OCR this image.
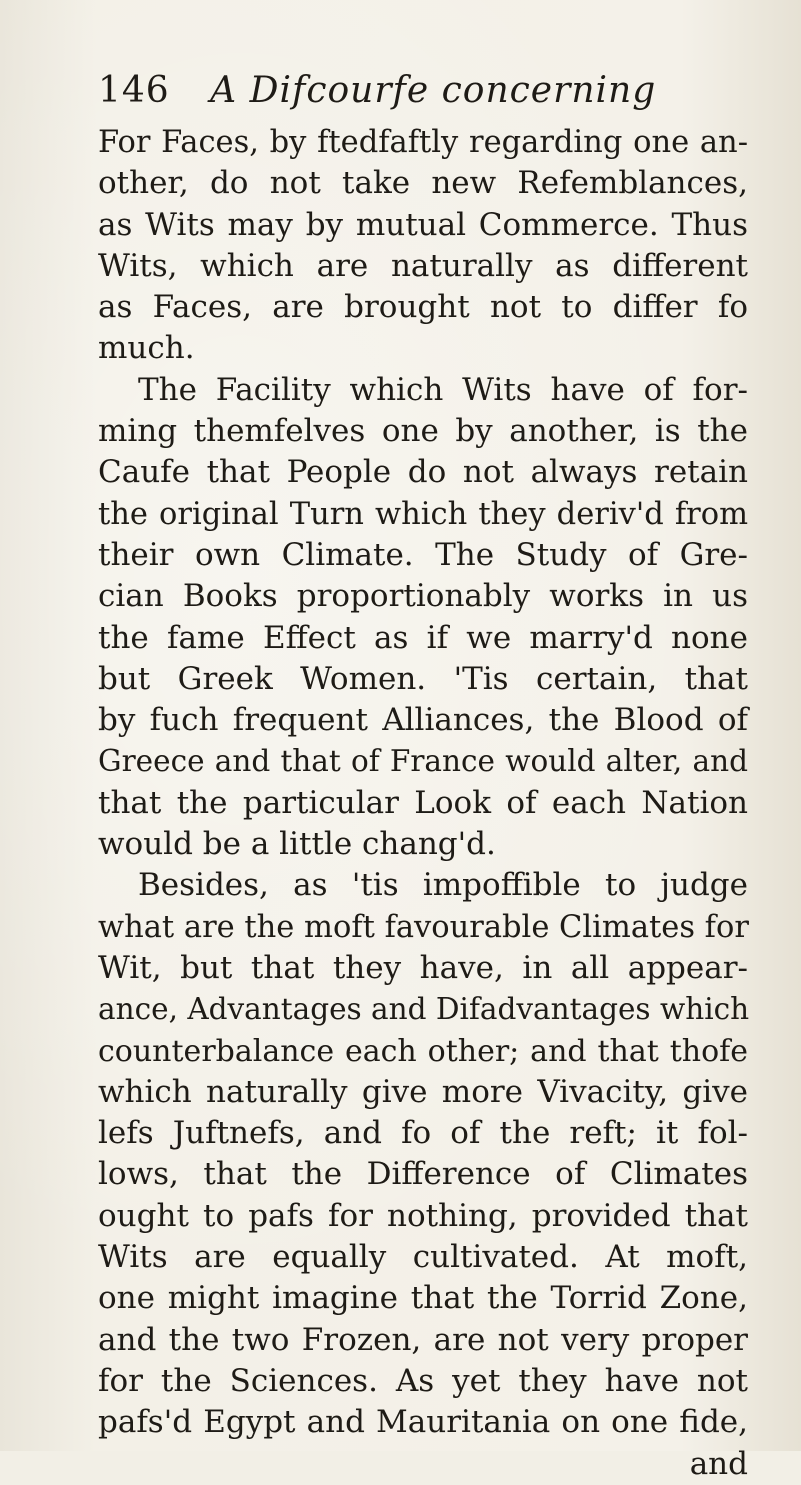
146 A Difcourfe concerning
For Faces, by ftedfaftly regarding one an-
other, do not take new Refemblances,
as Wits may by mutual Commerce. Thus
Wits, which are naturally as different
as Faces, are brought not to differ fo
much.
The Facility which Wits have of for-
ming themfelves one by another, is the
Caufe that People do not always retain
the original Turn which they deriv'd from
their own Climate. The Study of Gre-
cian Books proportionably works in us
the fame Effect as if we marry'd none
but Greek Women. 'Tis certain, that
by fuch frequent Alliances, the Blood of
Greece and that of France would alter, and
that the particular Look of each Nation
would be a little chang'd.
Besides, as 'tis impoffible to judge
what are the moft favourable Climates for
Wit, but that they have, in all appear-
ance, Advantages and Difadvantages which
counterbalance each other; and that thofe
which naturally give more Vivacity, give
lefs Juftnefs, and fo of the reft; it fol-
lows, that the Difference of Climates
ought to pafs for nothing, provided that
Wits are equally cultivated. At moft,
one might imagine that the Torrid Zone,
and the two Frozen, are not very proper
for the Sciences. As yet they have not
pafs'd Egypt and Mauritania on one fide,
and
